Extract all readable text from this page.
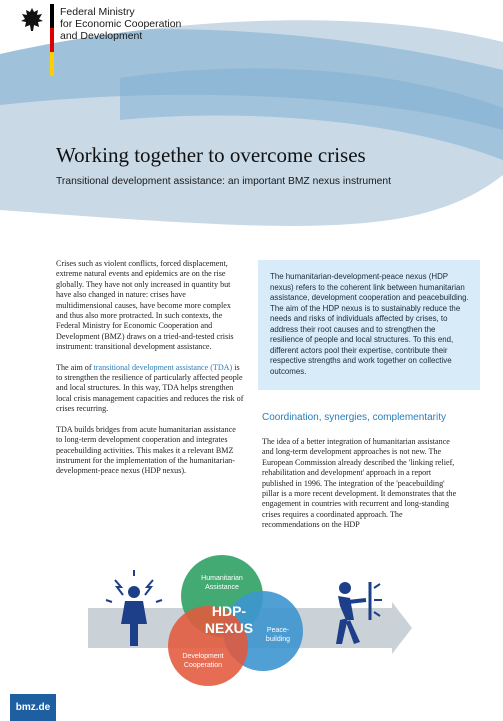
Federal Ministry
for Economic Cooperation
and Development
Working together to overcome crises
Transitional development assistance: an important BMZ nexus instrument

Crises such as violent conflicts, forced displacement, extreme natural events and epidemics are on the rise globally. They have not only increased in quantity but have also changed in nature: crises have multidimensional causes, have become more complex and thus also more protracted. In such contexts, the Federal Ministry for Economic Cooperation and Development (BMZ) draws on a tried-and-tested crisis instrument: transitional development assistance.

The aim of transitional development assistance (TDA) is to strengthen the resilience of particularly affected people and local structures. In this way, TDA helps strengthen local crisis management capacities and reduces the risk of crises recurring.

TDA builds bridges from acute humanitarian assistance to long-term development cooperation and integrates peacebuilding activities. This makes it a relevant BMZ instrument for the implementation of the humanitarian-development-peace nexus (HDP nexus).

The humanitarian-development-peace nexus (HDP nexus) refers to the coherent link between humanitarian assistance, development cooperation and peacebuilding. The aim of the HDP nexus is to sustainably reduce the needs and risks of individuals affected by crises, to address their root causes and to strengthen the resilience of people and local structures. To this end, different actors pool their expertise, contribute their respective strengths and work together on collective outcomes.
Coordination, synergies, complementarity

The idea of a better integration of humanitarian assistance and long-term development approaches is not new. The European Commission already described the 'linking relief, rehabilitation and development' approach in a report published in 1996. The integration of the 'peacebuilding' pillar is a more recent development. It demonstrates that the engagement in countries with recurrent and long-standing crises requires a coordinated approach. The recommendations on the HDP

Humanitarian
Assistance
Peace-
building
Development
Cooperation
HDP-
NEXUS
bmz.de
